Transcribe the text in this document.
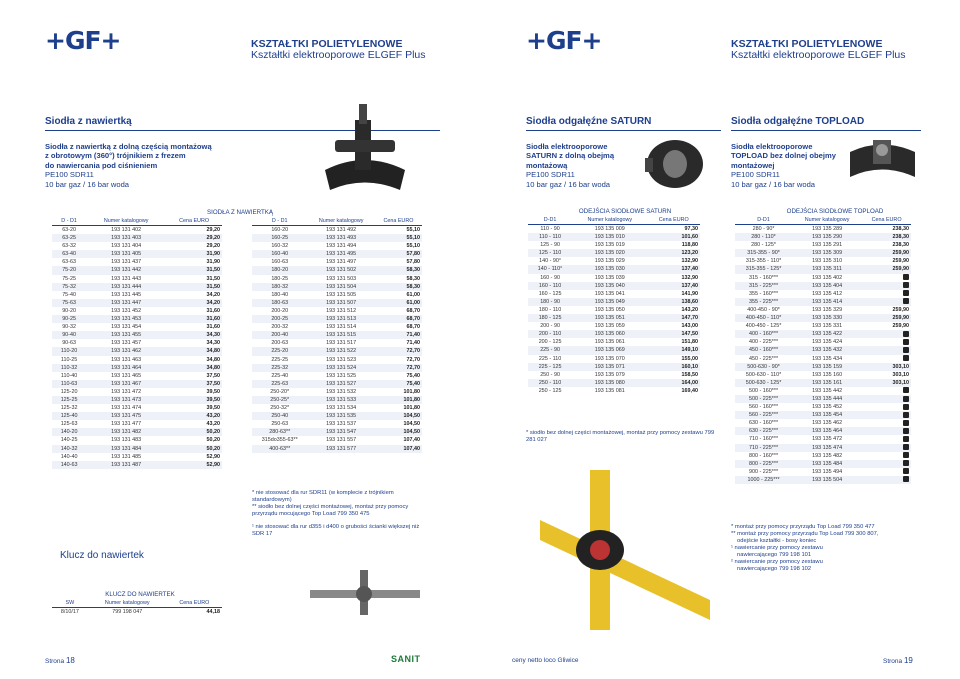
+GF+	KSZTAŁTKI POLIETYLENOWE
Kształtki elektrooporowe ELGEF Plus	+GF+	KSZTAŁTKI POLIETYLENOWE
Kształtki elektrooporowe ELGEF Plus
Siodła z nawiertką	Siodła odgałęźne SATURN	Siodła odgałęźne TOPLOAD
Siodła z nawiertką z dolną częścią montażową
z obrotowym (360°) trójnikiem z frezem
do nawiercania pod ciśnieniem
PE100 SDR11
10 bar gaz / 16 bar woda
Siodła elektrooporowe
SATURN z dolną obejmą
montażową
PE100 SDR11
10 bar gaz / 16 bar woda
Siodła elektrooporowe
TOPLOAD bez dolnej obejmy
montażowej
PE100 SDR11
10 bar gaz / 16 bar woda
SIODŁA Z NAWIERTKĄ
D - D1	Numer katalogowy	Cena EURO
63-20	193 131 402	29,20
63-25	193 131 403	29,20
63-32	193 131 404	29,20
63-40	193 131 405	31,90
63-63	193 131 437	31,90
75-20	193 131 442	31,50
75-25	193 131 443	31,50
75-32	193 131 444	31,50
75-40	193 131 445	34,20
75-63	193 131 447	34,20
90-20	193 131 452	31,60
90-25	193 131 453	31,60
90-32	193 131 454	31,60
90-40	193 131 455	34,30
90-63	193 131 457	34,30
110-20	193 131 462	34,80
110-25	193 131 463	34,80
110-32	193 131 464	34,80
110-40	193 131 465	37,50
110-63	193 131 467	37,50
125-20	193 131 472	39,50
125-25	193 131 473	39,50
125-32	193 131 474	39,50
125-40	193 131 475	43,20
125-63	193 131 477	43,20
140-20	193 131 482	50,20
140-25	193 131 483	50,20
140-32	193 131 484	50,20
140-40	193 131 485	52,90
140-63	193 131 487	52,90
D - D1	Numer katalogowy	Cena EURO
160-20	193 131 492	55,10
160-25	193 131 493	55,10
160-32	193 131 494	55,10
160-40	193 131 495	57,80
160-63	193 131 497	57,80
180-20	193 131 502	58,30
180-25	193 131 503	58,30
180-32	193 131 504	58,30
180-40	193 131 505	61,00
180-63	193 131 507	61,00
200-20	193 131 512	68,70
200-25	193 131 513	68,70
200-32	193 131 514	68,70
200-40	193 131 515	71,40
200-63	193 131 517	71,40
225-20	193 131 522	72,70
225-25	193 131 523	72,70
225-32	193 131 524	72,70
225-40	193 131 525	75,40
225-63	193 131 527	75,40
250-20*	193 131 532	101,80
250-25*	193 131 533	101,80
250-32*	193 131 534	101,80
250-40	193 131 535	104,50
250-63	193 131 537	104,50
280-63**	193 131 547	104,50
315do355-63**	193 131 557	107,40
400-63**	193 131 577	107,40
* nie stosować dla rur SDR11 (w komplecie z trójnikiem standardowym)
** siodło bez dolnej części montażowej, montaż przy pomocy przyrządu mocującego Top Load 799 350 475
¹ nie stosować dla rur d355 i d400 o grubości ścianki większej niż SDR 17
Klucz do nawiertek
KLUCZ DO NAWIERTEK
SW	Numer katalogowy	Cena EURO
8/10/17	799 198 047	44,18
ODEJŚCIA SIODŁOWE SATURN
D-D1	Numer katalogowy	Cena EURO
110 - 90	193 135 009	97,30
110 - 110	193 135 010	101,60
125 - 90	193 135 019	118,80
125 - 110	193 135 020	123,20
140 - 90°	193 135 029	132,90
140 - 110°	193 135 030	137,40
160 - 90	193 135 039	132,90
160 - 110	193 135 040	137,40
160 - 125	193 135 041	141,90
180 - 90	193 135 049	138,60
180 - 110	193 135 050	143,20
180 - 125	193 135 051	147,70
200 - 90	193 135 059	143,00
200 - 110	193 135 060	147,50
200 - 125	193 135 061	151,80
225 - 90	193 135 069	149,10
225 - 110	193 135 070	155,00
225 - 125	193 135 071	160,10
250 - 90	193 135 079	158,50
250 - 110	193 135 080	164,00
250 - 125	193 135 081	169,40
* siodło bez dolnej części montażowej, montaż przy pomocy zestawu 799 281 027
ODEJŚCIA SIODŁOWE TOPLOAD
D-D1	Numer katalogowy	Cena EURO
280 - 90*	193 135 289	238,30
280 - 110*	193 135 290	238,30
280 - 125*	193 135 291	238,30
315-355 - 90*	193 135 309	259,90
315-355 - 110*	193 135 310	259,90
315-355 - 125*	193 135 311	259,90
315 - 160***	193 135 402	
315 - 225***	193 135 404	
355 - 160***	193 135 412	
355 - 225***	193 135 414	
400-450 - 90*	193 135 329	259,90
400-450 - 110*	193 135 330	259,90
400-450 - 125*	193 135 331	259,90
400 - 160***	193 135 422	
400 - 225***	193 135 424	
450 - 160***	193 135 432	
450 - 225***	193 135 434	
500-630 - 90*	193 135 159	303,10
500-630 - 110*	193 135 160	303,10
500-630 - 125*	193 135 161	303,10
500 - 160***	193 135 442	
500 - 225***	193 135 444	
560 - 160***	193 135 452	
560 - 225***	193 135 454	
630 - 160***	193 135 462	
630 - 225***	193 135 464	
710 - 160***	193 135 472	
710 - 225***	193 135 474	
800 - 160***	193 135 482	
800 - 225***	193 135 484	
900 - 225***	193 135 494	
1000 - 225***	193 135 504	
* montaż przy pomocy przyrządu Top Load 799 350 477
** montaż przy pomocy przyrządu Top Load 799 300 807,
odejście kształtki - bosy koniec
¹ nawiercanie przy pomocy zestawu
nawiercającego 799 198 101
² nawiercanie przy pomocy zestawu
nawiercającego 799 198 102
Strona 18	SANIT	ceny netto loco Gliwice	Strona 19
